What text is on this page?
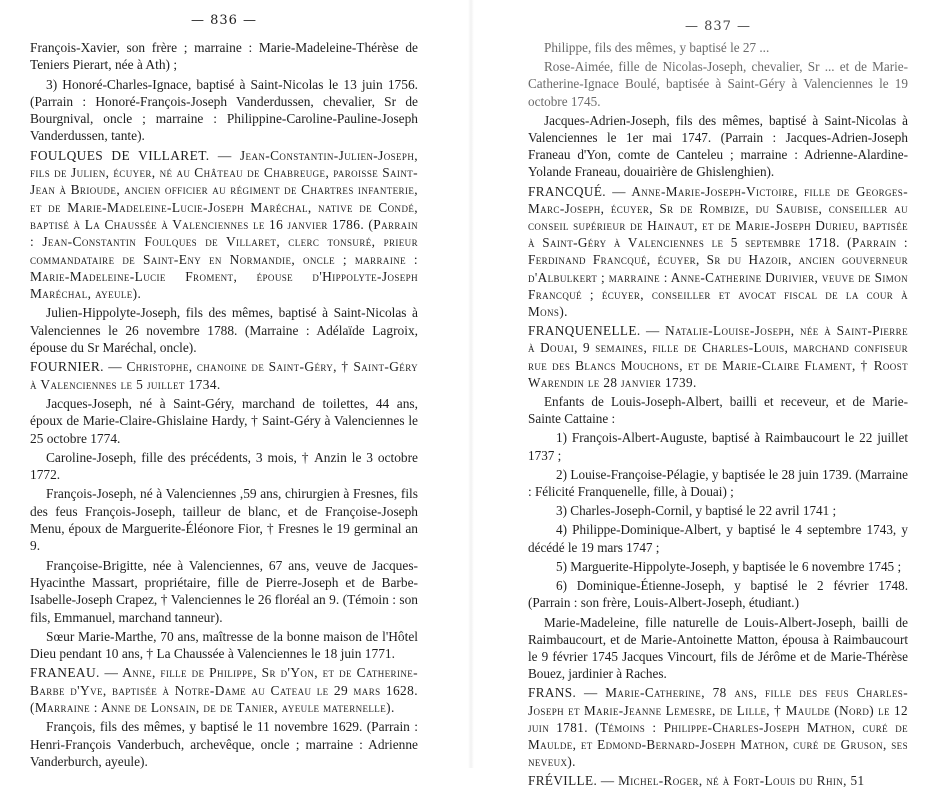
— 836 —

François-Xavier, son frère ; marraine : Marie-Madeleine-Thérèse de Teniers Pierart, née à Ath) ;

3) Honoré-Charles-Ignace, baptisé à Saint-Nicolas le 13 juin 1756. (Parrain : Honoré-François-Joseph Vanderdussen, chevalier, Sr de Bourgnival, oncle ; marraine : Philippine-Caroline-Pauline-Joseph Vanderdussen, tante).

FOULQUES DE VILLARET. — Jean-Constantin-Julien-Joseph, fils de Julien, écuyer, né au Château de Chabreuge, paroisse Saint-Jean à Brioude, ancien officier au régiment de Chartres infanterie, et de Marie-Madeleine-Lucie-Joseph Maréchal, native de Condé, baptisé à La Chaussée à Valenciennes le 16 janvier 1786. (Parrain : Jean-Constantin Foulques de Villaret, clerc tonsuré, prieur commandataire de Saint-Eny en Normandie, oncle ; marraine : Marie-Madeleine-Lucie Froment, épouse d'Hippolyte-Joseph Maréchal, ayeule).

Julien-Hippolyte-Joseph, fils des mêmes, baptisé à Saint-Nicolas à Valenciennes le 26 novembre 1788. (Marraine : Adélaïde Lagroix, épouse du Sr Maréchal, oncle).

FOURNIER. — Christophe, chanoine de Saint-Géry, † Saint-Géry à Valenciennes le 5 juillet 1734.

Jacques-Joseph, né à Saint-Géry, marchand de toilettes, 44 ans, époux de Marie-Claire-Ghislaine Hardy, † Saint-Géry à Valenciennes le 25 octobre 1774.

Caroline-Joseph, fille des précédents, 3 mois, † Anzin le 3 octobre 1772.

François-Joseph, né à Valenciennes ,59 ans, chirurgien à Fresnes, fils des feus François-Joseph, tailleur de blanc, et de Françoise-Joseph Menu, époux de Marguerite-Éléonore Fior, † Fresnes le 19 germinal an 9.

Françoise-Brigitte, née à Valenciennes, 67 ans, veuve de Jacques-Hyacinthe Massart, propriétaire, fille de Pierre-Joseph et de Barbe-Isabelle-Joseph Crapez, † Valenciennes le 26 floréal an 9. (Témoin : son fils, Emmanuel, marchand tanneur).

Sœur Marie-Marthe, 70 ans, maîtresse de la bonne maison de l'Hôtel Dieu pendant 10 ans, † La Chaussée à Valenciennes le 18 juin 1771.

FRANEAU. — Anne, fille de Philippe, Sr d'Yon, et de Catherine-Barbe d'Yve, baptisée à Notre-Dame au Cateau le 29 mars 1628. (Marraine : Anne de Lonsain, de de Tanier, ayeule maternelle).

François, fils des mêmes, y baptisé le 11 novembre 1629. (Parrain : Henri-François Vanderbuch, archevêque, oncle ; marraine : Adrienne Vanderburch, ayeule).

— 837 —

Philippe, fils des mêmes, y baptisé le 27 ...

Rose-Aimée, fille de Nicolas-Joseph, chevalier, Sr ... et de Marie-Catherine-Ignace Boulé, baptisée à Saint-Géry à Valenciennes le 19 octobre 1745.

Jacques-Adrien-Joseph, fils des mêmes, baptisé à Saint-Nicolas à Valenciennes le 1er mai 1747. (Parrain : Jacques-Adrien-Joseph Franeau d'Yon, comte de Canteleu ; marraine : Adrienne-Alardine-Yolande Franeau, douairière de Ghislenghien).

FRANCQUÉ. — Anne-Marie-Joseph-Victoire, fille de Georges-Marc-Joseph, écuyer, Sr de Rombize, du Saubise, conseiller au conseil supérieur de Hainaut, et de Marie-Joseph Durieu, baptisée à Saint-Géry à Valenciennes le 5 septembre 1718. (Parrain : Ferdinand Francqué, écuyer, Sr du Hazoir, ancien gouverneur d'Albulkert ; marraine : Anne-Catherine Durivier, veuve de Simon Francqué ; écuyer, conseiller et avocat fiscal de la cour à Mons).

FRANQUENELLE. — Natalie-Louise-Joseph, née à Saint-Pierre à Douai, 9 semaines, fille de Charles-Louis, marchand confiseur rue des Blancs Mouchons, et de Marie-Claire Flament, † Roost Warendin le 28 janvier 1739.

Enfants de Louis-Joseph-Albert, bailli et receveur, et de Marie-Sainte Cattaine :

1) François-Albert-Auguste, baptisé à Raimbaucourt le 22 juillet 1737 ;

2) Louise-Françoise-Pélagie, y baptisée le 28 juin 1739. (Marraine : Félicité Franquenelle, fille, à Douai) ;

3) Charles-Joseph-Cornil, y baptisé le 22 avril 1741 ;

4) Philippe-Dominique-Albert, y baptisé le 4 septembre 1743, y décédé le 19 mars 1747 ;

5) Marguerite-Hippolyte-Joseph, y baptisée le 6 novembre 1745 ;

6) Dominique-Étienne-Joseph, y baptisé le 2 février 1748. (Parrain : son frère, Louis-Albert-Joseph, étudiant.)

Marie-Madeleine, fille naturelle de Louis-Albert-Joseph, bailli de Raimbaucourt, et de Marie-Antoinette Matton, épousa à Raimbaucourt le 9 février 1745 Jacques Vincourt, fils de Jérôme et de Marie-Thérèse Bouez, jardinier à Raches.

FRANS. — Marie-Catherine, 78 ans, fille des feus Charles-Joseph et Marie-Jeanne Lemesre, de Lille, † Maulde (Nord) le 12 juin 1781. (Témoins : Philippe-Charles-Joseph Mathon, curé de Maulde, et Edmond-Bernard-Joseph Mathon, curé de Gruson, ses neveux).

FRÉVILLE. — Michel-Roger, né à Fort-Louis du Rhin, 51
